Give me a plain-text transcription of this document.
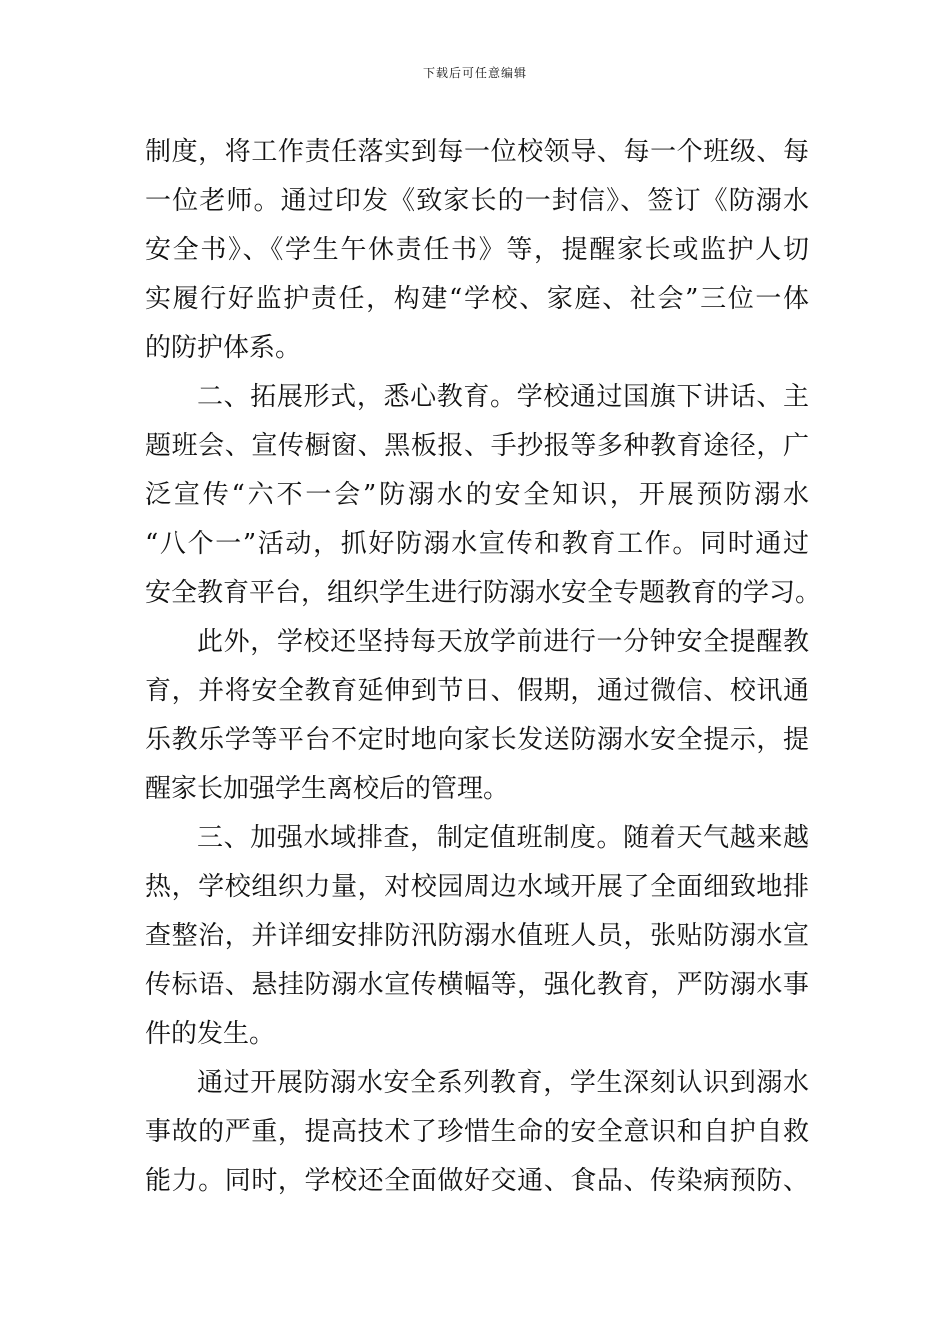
下载后可任意编辑
制度，将工作责任落实到每一位校领导、每一个班级、每
一位老师。通过印发《致家长的一封信》、签订《防溺水
安全书》、《学生午休责任书》等，提醒家长或监护人切
实履行好监护责任，构建“学校、家庭、社会”三位一体
的防护体系。
二、拓展形式，悉心教育。学校通过国旗下讲话、主
题班会、宣传橱窗、黑板报、手抄报等多种教育途径，广
泛宣传“六不一会”防溺水的安全知识，开展预防溺水
“八个一”活动，抓好防溺水宣传和教育工作。同时通过
安全教育平台，组织学生进行防溺水安全专题教育的学习。
此外，学校还坚持每天放学前进行一分钟安全提醒教
育，并将安全教育延伸到节日、假期，通过微信、校讯通
乐教乐学等平台不定时地向家长发送防溺水安全提示，提
醒家长加强学生离校后的管理。
三、加强水域排查，制定值班制度。随着天气越来越
热，学校组织力量，对校园周边水域开展了全面细致地排
查整治，并详细安排防汛防溺水值班人员，张贴防溺水宣
传标语、悬挂防溺水宣传横幅等，强化教育，严防溺水事
件的发生。
通过开展防溺水安全系列教育，学生深刻认识到溺水
事故的严重，提高技术了珍惜生命的安全意识和自护自救
能力。同时，学校还全面做好交通、食品、传染病预防、
